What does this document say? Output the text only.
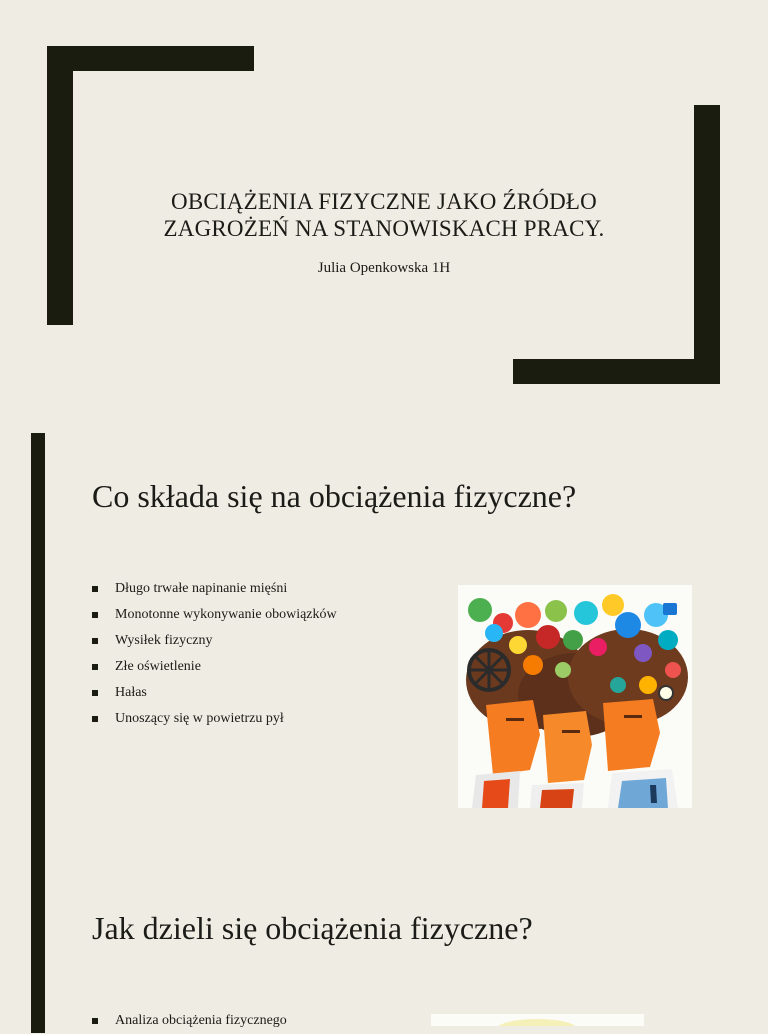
OBCIĄŻENIA FIZYCZNE JAKO ŹRÓDŁO
ZAGROŻEŃ NA STANOWISKACH PRACY.
Julia Openkowska 1H
Co składa się na obciążenia fizyczne?
Długo trwałe napinanie mięśni
Monotonne wykonywanie obowiązków
Wysiłek fizyczny
Złe oświetlenie
Hałas
Unoszący się w powietrzu pył
Jak dzieli się obciążenia fizyczne?
Analiza obciążenia fizycznego
